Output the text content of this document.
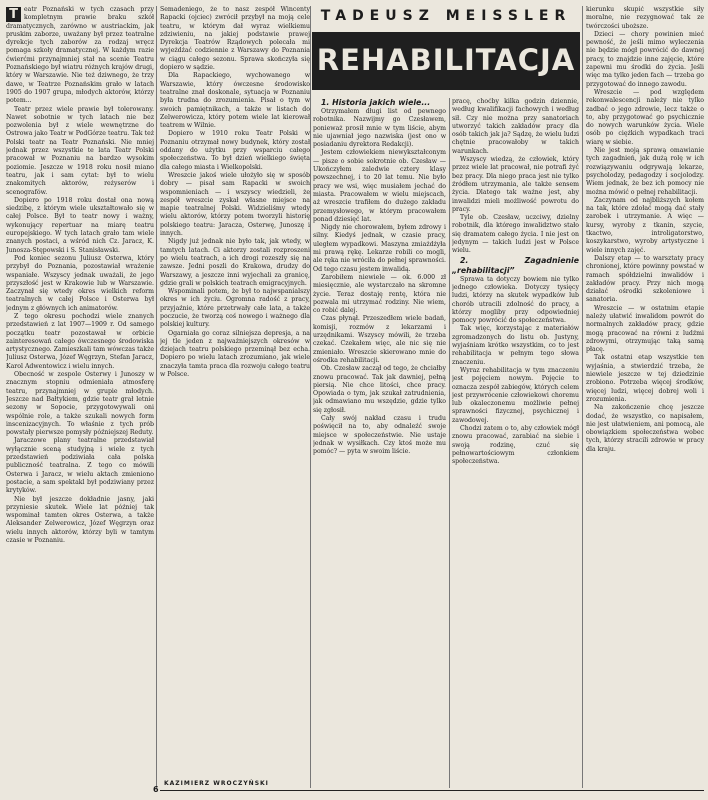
T eatr Poznański w tych czasach przy kompletnym prawie braku szkół dramatycznych, zarówno w austriackim, jak pruskim zaborze, uważany był przez teatralne dyrekcje tych zaborów za rodzaj wręcz pomaga szkoły dramatycznej. W każdym razie ćwierćmi przynajmniej stał na scenie Teatru Poznańskiego był wiatru różnych krajów drugi, który w Warszawie. Nie też dziwnego, że trzy dawe, w Teatrze Poznańskim grało w latach 1905 do 1907 grupa, młodych aktorów, którzy potem...

Teatr przez wiele prawie był tolerowany. Nawet sobotnie w tych latach nie bez pozwolenia był z wiele wewnętrzne do Ostrowa jako Teatr w PodGórze teatru. Tak też Polski teatr na Teatr Poznański. Nie mniej jednak przez wszystkie te lata Teatr Polski pracował w Poznaniu na bardzo wysokim poziomie. Jeszcze w 1918 roku nosił miano teatru, jak i sam cytat: był to wielu znakomitych aktorów, reżyserów i scenografów.

Dopiero po 1918 roku dostał ona nową siedzibę, z którym wiele ukształtowało się w całej Polsce. Był to teatr nowy i ważny, wykonujący repertuar na miarę teatru europejskiego. W tych latach grało tam wiele znanych postaci, a wśród nich Cz. Jaracz, K. Junosza-Stępowski i S. Stanisławski.

Pod koniec sezonu Juliusz Osterwa, który przybył do Poznania, pozostawiał wrażenie wspaniałe. Wszyscy jednak uważali, że jego przyszłość jest w Krakowie lub w Warszawie. Zaczynał się wtedy okres wielkich reform teatralnych w całej Polsce i Osterwa był jednym z głównych ich animatorów.

Z tego okresu pochodzi wiele znanych przedstawień z lat 1907—1909 r. Od samego początku teatr pozostawał w orbicie zainteresowań całego ówczesnego środowiska artystycznego. Zamieszkali tam wówczas także Juliusz Osterwa, Józef Węgrzyn, Stefan Jaracz, Karol Adwentowicz i wielu innych.

Obecność w zespole Osterwy i Junoszy w znacznym stopniu odmieniała atmosferę teatru, przynajmniej w grupie młodych. Jeszcze nad Bałtykiem, gdzie teatr grał letnie sezony w Sopocie, przygotowywali oni wspólnie role, a także szukali nowych form inscenizacyjnych. To właśnie z tych prób powstały pierwsze pomysły późniejszej Reduty.

Jaraczowe plany teatralne przedstawiał wyłącznie sceną studyjną i wiele z tych przedstawień podziwiała cała polska publiczność teatralna. Z tego co mówili Osterwa i Jaracz, w wielu aktach zmieniono postacie, a sam spektakl był podziwiany przez krytyków.

Nie był jeszcze dokładnie jasny, jaki przyniesie skutek. Wiele lat później tak wspominał tamten okres Osterwa, a także Aleksander Zelwerowicz, Józef Węgrzyn oraz wielu innych aktorów, którzy byli w tamtym czasie w Poznaniu.

Semadeniego, że to nasz zespół Wincenty Rapacki (ojciec) zwrócił przybył na moją cele teatru, w którym dał wyraz wielkiemu zdziwieniu, na jakiej podstawie prawej Dyrekcja Teatrów Rządowych polecała mi wyjeżdżać codziennie z Warszawy do Poznania w ciągu całego sezonu. Sprawa skończyła się dopiero w sądzie.

Dla Rapackiego, wychowanego w Warszawie, który ówczesne środowisko teatralne znał doskonale, sytuacja w Poznaniu była trudna do zrozumienia. Pisał o tym w swoich pamiętnikach, a także w listach do Zelwerowicza, który potem wiele lat kierował teatrem w Wilnie.

Dopiero w 1910 roku Teatr Polski w Poznaniu otrzymał nowy budynek, który został oddany do użytku przy wsparciu całego społeczeństwa. To był dzień wielkiego święta dla całego miasta i Wielkopolski.

Wreszcie jakoś wiele ułożyło się w sposób dobry — pisał sam Rapacki w swoich wspomnieniach — i wszyscy wiedzieli, że zespół wreszcie zyskał własne miejsce na mapie teatralnej Polski. Widzieliśmy wtedy wielu aktorów, którzy potem tworzyli historię polskiego teatru: Jaracza, Osterwę, Junoszę i innych.

Nigdy już jednak nie było tak, jak wtedy, w tamtych latach. Ci aktorzy zostali rozproszeni po wielu teatrach, a ich drogi rozeszły się na zawsze. Jedni poszli do Krakowa, drudzy do Warszawy, a jeszcze inni wyjechali za granicę, gdzie grali w polskich teatrach emigracyjnych.

Wspominali potem, że był to najwspanialszy okres w ich życiu. Ogromna radość z pracy, przyjaźnie, które przetrwały całe lata, a także poczucie, że tworzą coś nowego i ważnego dla polskiej kultury.

Ogarniała go coraz silniejsza depresja, a na jej tle jeden z najważniejszych okresów w dziejach teatru polskiego przeminął bez echa. Dopiero po wielu latach zrozumiano, jak wiele znaczyła tamta praca dla rozwoju całego teatru w Polsce.

TADEUSZ MEISSLER
REHABILITACJA

1. Historia jakich wiele...

Otrzymałem długi list od pewnego robotnika. Nazwijmy go Czesławem, ponieważ prosił mnie w tym liście, abym nie ujawniał jego nazwiska (jest ono w posiadaniu dyrektora Redakcji).

Jestem człowiekiem niewykształconym — pisze o sobie sokrotnie ob. Czesław — Ukończyłem zaledwie cztery klasy powszechnej, i to 20 lat temu. Nie było pracy we wsi, więc musiałem jechać do miasta. Pracowałem w wielu miejscach, aż wreszcie trafiłem do dużego zakładu przemysłowego, w którym pracowałem ponad dziesięć lat.

Nigdy nie chorowałem, byłem zdrowy i silny. Kiedyś jednak, w czasie pracy, uległem wypadkowi. Maszyna zmiażdżyła mi prawą rękę. Lekarze robili co mogli, ale ręka nie wróciła do pełnej sprawności. Od tego czasu jestem inwalidą.

Zarobiłem niewiele — ok. 6.000 zł miesięcznie, ale wystarczało na skromne życie. Teraz dostaję rentę, która nie pozwala mi utrzymać rodziny. Nie wiem, co robić dalej.

Czas płynął. Przeszedłem wiele badań, komisji, rozmów z lekarzami i urzędnikami. Wszyscy mówili, że trzeba czekać. Czekałem więc, ale nic się nie zmieniało. Wreszcie skierowano mnie do ośrodka rehabilitacji.

Ob. Czesław zaczął od tego, że chciałby znowu pracować. Tak jak dawniej, pełną piersią. Nie chce litości, chce pracy. Opowiada o tym, jak szukał zatrudnienia, jak odmawiano mu wszędzie, gdzie tylko się zgłosił.

Cały swój nakład czasu i trudu poświęcił na to, aby odnaleźć swoje miejsce w społeczeństwie. Nie ustaje jednak w wysiłkach. Czy ktoś może mu pomóc? — pyta w swoim liście.

pracę, choćby kilka godzin dziennie, według kwalifikacji fachowych i według sił. Czy nie można przy sanatoriach utworzyć takich zakładów pracy dla osób takich jak ja? Sądzę, że wielu ludzi chętnie pracowałoby w takich warunkach.

Wszyscy wiedzą, że człowiek, który przez wiele lat pracował, nie potrafi żyć bez pracy. Dla niego praca jest nie tylko źródłem utrzymania, ale także sensem życia. Dlatego tak ważne jest, aby inwalidzi mieli możliwość powrotu do pracy.

Tyle ob. Czesław, uczciwy, dzielny robotnik, dla którego inwalidztwo stało się dramatem całego życia. I nie jest on jedynym — takich ludzi jest w Polsce wielu.

2. Zagadnienie „rehabilitacji”

Sprawa ta dotyczy bowiem nie tylko jednego człowieka. Dotyczy tysięcy ludzi, którzy na skutek wypadków lub chorób utracili zdolność do pracy, a którzy mogliby przy odpowiedniej pomocy powrócić do społeczeństwa.

Tak więc, korzystając z materiałów zgromadzonych do listu ob. Justyny, wyjaśniam krótko wszystkim, co to jest rehabilitacja w pełnym tego słowa znaczeniu.

Wyraz rehabilitacja w tym znaczeniu jest pojęciem nowym. Pojęcie to oznacza zespół zabiegów, których celem jest przywrócenie człowiekowi choremu lub okaleczonemu możliwie pełnej sprawności fizycznej, psychicznej i zawodowej.

Chodzi zatem o to, aby człowiek mógł znowu pracować, zarabiać na siebie i swoją rodzinę, czuć się pełnowartościowym członkiem społeczeństwa.

kierunku skupić wszystkie siły moralne, nie rezygnować tak ze twórczości uboższe.

Dzieci — chory powinien mieć pewność, że jeśli mimo wyleczenia nie będzie mógł powrócić do dawnej pracy, to znajdzie inne zajęcie, które zapewni mu środki do życia. Jeśli więc ma tylko jeden fach — trzeba go przygotować do innego zawodu.

Wreszcie — pod względem rekonwalescencji należy nie tylko zadbać o jego zdrowie, lecz także o to, aby przygotować go psychicznie do nowych warunków życia. Wiele osób po ciężkich wypadkach traci wiarę w siebie.

Nie jest moją sprawą omawianie tych zagadnień, jak dużą rolę w ich rozwiązywaniu odgrywają lekarze, psycholodzy, pedagodzy i socjolodzy. Wiem jednak, że bez ich pomocy nie można mówić o pełnej rehabilitacji.

Zaczynam od najbliższych kołem na tak, które zdołać mogą dać stały zarobek i utrzymanie. A więc — kursy, wyroby z tkanin, szycie, tkactwo, introligatorstwo, koszykarstwo, wyroby artystyczne i wiele innych zajęć.

Dalszy etap — to warsztaty pracy chronionej, które powinny powstać w ramach spółdzielni inwalidów i zakładów pracy. Przy nich mogą działać ośrodki szkoleniowe i sanatoria.

Wreszcie — w ostatnim etapie należy ułatwić inwalidom powrót do normalnych zakładów pracy, gdzie mogą pracować na równi z ludźmi zdrowymi, otrzymując taką samą płacę.

Tak ostatni etap wszystkie ten wyjaśnia, a stwierdzić trzeba, że niewiele jeszcze w tej dziedzinie zrobiono. Potrzeba więcej środków, więcej ludzi, więcej dobrej woli i zrozumienia.

Na zakończenie chcę jeszcze dodać, że wszystko, co napisałem, nie jest ułatwieniem, ani pomocą, ale obowiązkiem społeczeństwa wobec tych, którzy stracili zdrowie w pracy dla kraju.

KAZIMIERZ WROCZYŃSKI
6
